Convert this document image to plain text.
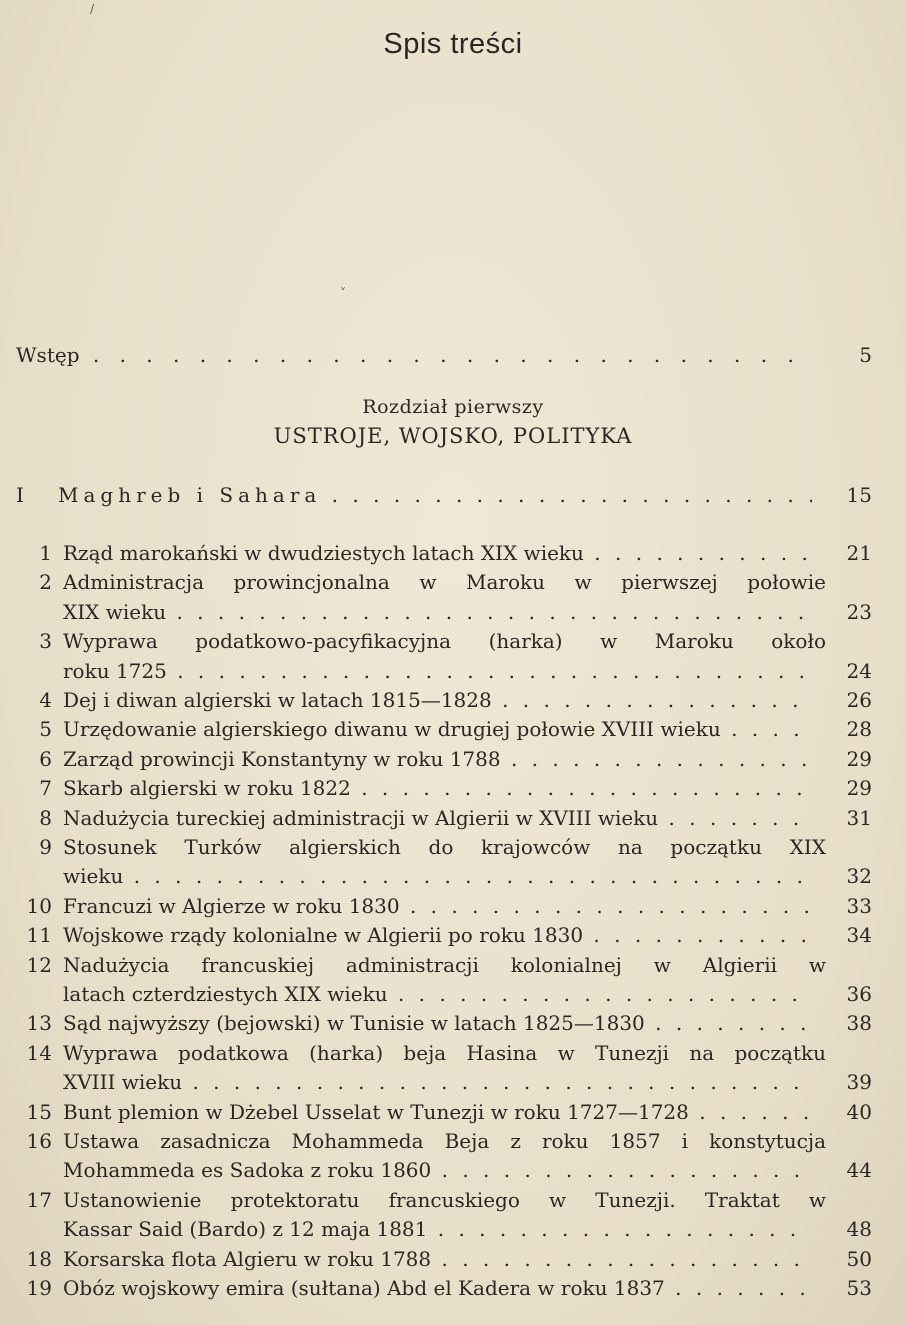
Spis treści
/
˅
Wstęp . . .	5
Rozdział pierwszy
USTROJE, WOJSKO, POLITYKA
I	Maghreb i Sahara . . .	15
1 Rząd marokański w dwudziestych latach XIX wieku . . .	21
2 Administracja prowincjonalna w Maroku w pierwszej połowie
XIX wieku . . .	23
3 Wyprawa podatkowo-pacyfikacyjna (harka) w Maroku około
roku 1725 . . .	24
4 Dej i diwan algierski w latach 1815—1828 . . .	26
5 Urzędowanie algierskiego diwanu w drugiej połowie XVIII wieku . . .	28
6 Zarząd prowincji Konstantyny w roku 1788 . . .	29
7 Skarb algierski w roku 1822 . . .	29
8 Nadużycia tureckiej administracji w Algierii w XVIII wieku . . .	31
9 Stosunek Turków algierskich do krajowców na początku XIX
wieku . . .	32
10 Francuzi w Algierze w roku 1830 . . .	33
11 Wojskowe rządy kolonialne w Algierii po roku 1830 . . .	34
12 Nadużycia francuskiej administracji kolonialnej w Algierii w
latach czterdziestych XIX wieku . . .	36
13 Sąd najwyższy (bejowski) w Tunisie w latach 1825—1830 . . .	38
14 Wyprawa podatkowa (harka) beja Hasina w Tunezji na początku
XVIII wieku . . .	39
15 Bunt plemion w Dżebel Usselat w Tunezji w roku 1727—1728 . . .	40
16 Ustawa zasadnicza Mohammeda Beja z roku 1857 i konstytucja
Mohammeda es Sadoka z roku 1860 . . .	44
17 Ustanowienie protektoratu francuskiego w Tunezji. Traktat w
Kassar Said (Bardo) z 12 maja 1881 . . .	48
18 Korsarska flota Algieru w roku 1788 . . .	50
19 Obóz wojskowy emira (sułtana) Abd el Kadera w roku 1837 . . .	53
